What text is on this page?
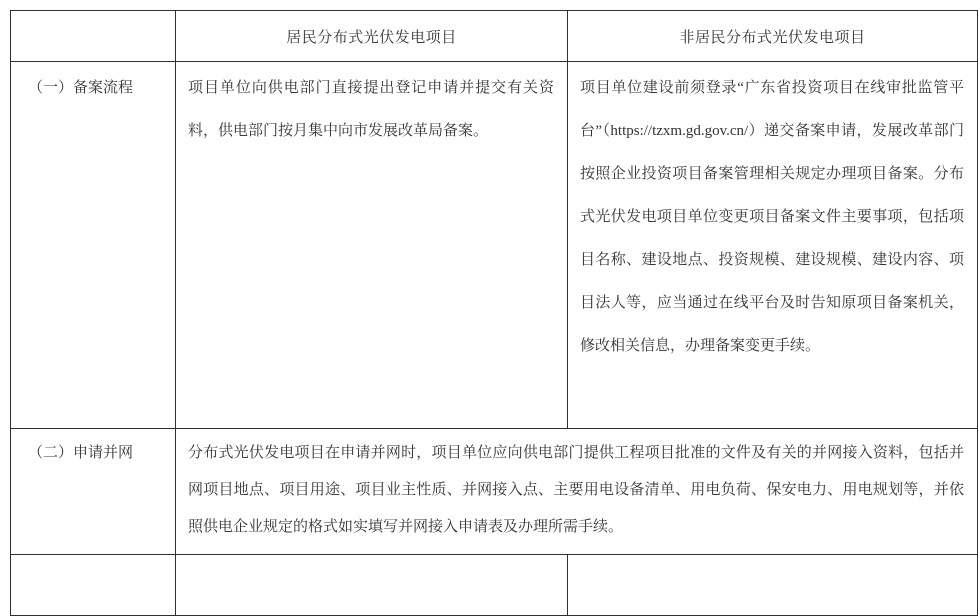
	居民分布式光伏发电项目	非居民分布式光伏发电项目

（一）备案流程	项目单位向供电部门直接提出登记申请并提交有关资料，供电部门按月集中向市发展改革局备案。	项目单位建设前须登录“广东省投资项目在线审批监管平台”（https://tzxm.gd.gov.cn/）递交备案申请，发展改革部门按照企业投资项目备案管理相关规定办理项目备案。分布式光伏发电项目单位变更项目备案文件主要事项，包括项目名称、建设地点、投资规模、建设规模、建设内容、项目法人等，应当通过在线平台及时告知原项目备案机关，修改相关信息，办理备案变更手续。

（二）申请并网	分布式光伏发电项目在申请并网时，项目单位应向供电部门提供工程项目批准的文件及有关的并网接入资料，包括并网项目地点、项目用途、项目业主性质、并网接入点、主要用电设备清单、用电负荷、保安电力、用电规划等，并依照供电企业规定的格式如实填写并网接入申请表及办理所需手续。	
